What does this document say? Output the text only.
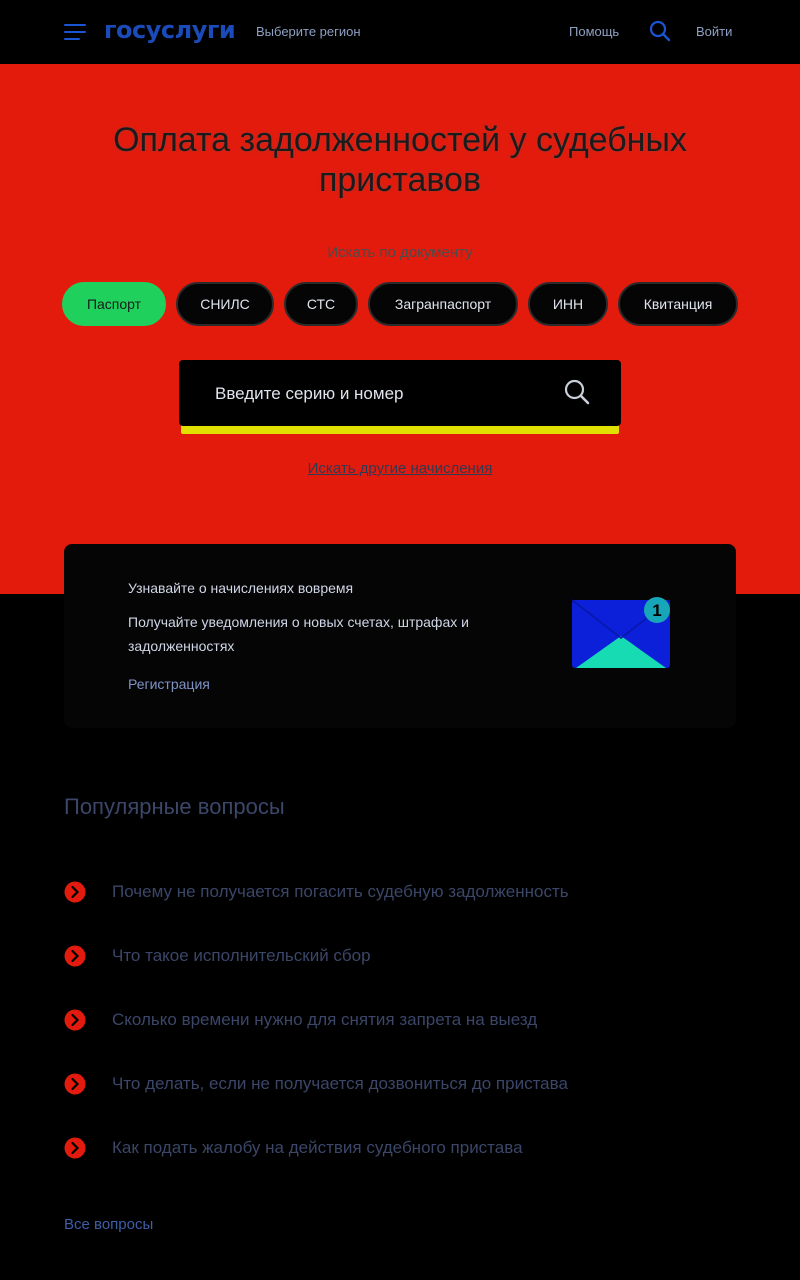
госуслуги Выберите регион	Помощь	Войти
Оплата задолженностей у судебных приставов
Искать по документу
Паспорт	СНИЛС	СТС	Загранпаспорт	ИНН	Квитанция
Введите серию и номер
Искать другие начисления
Узнавайте о начислениях вовремя
Получайте уведомления о новых счетах, штрафах и задолженностях
Регистрация
1
Популярные вопросы
Почему не получается погасить судебную задолженность
Что такое исполнительский сбор
Сколько времени нужно для снятия запрета на выезд
Что делать, если не получается дозвониться до пристава
Как подать жалобу на действия судебного пристава
Все вопросы
